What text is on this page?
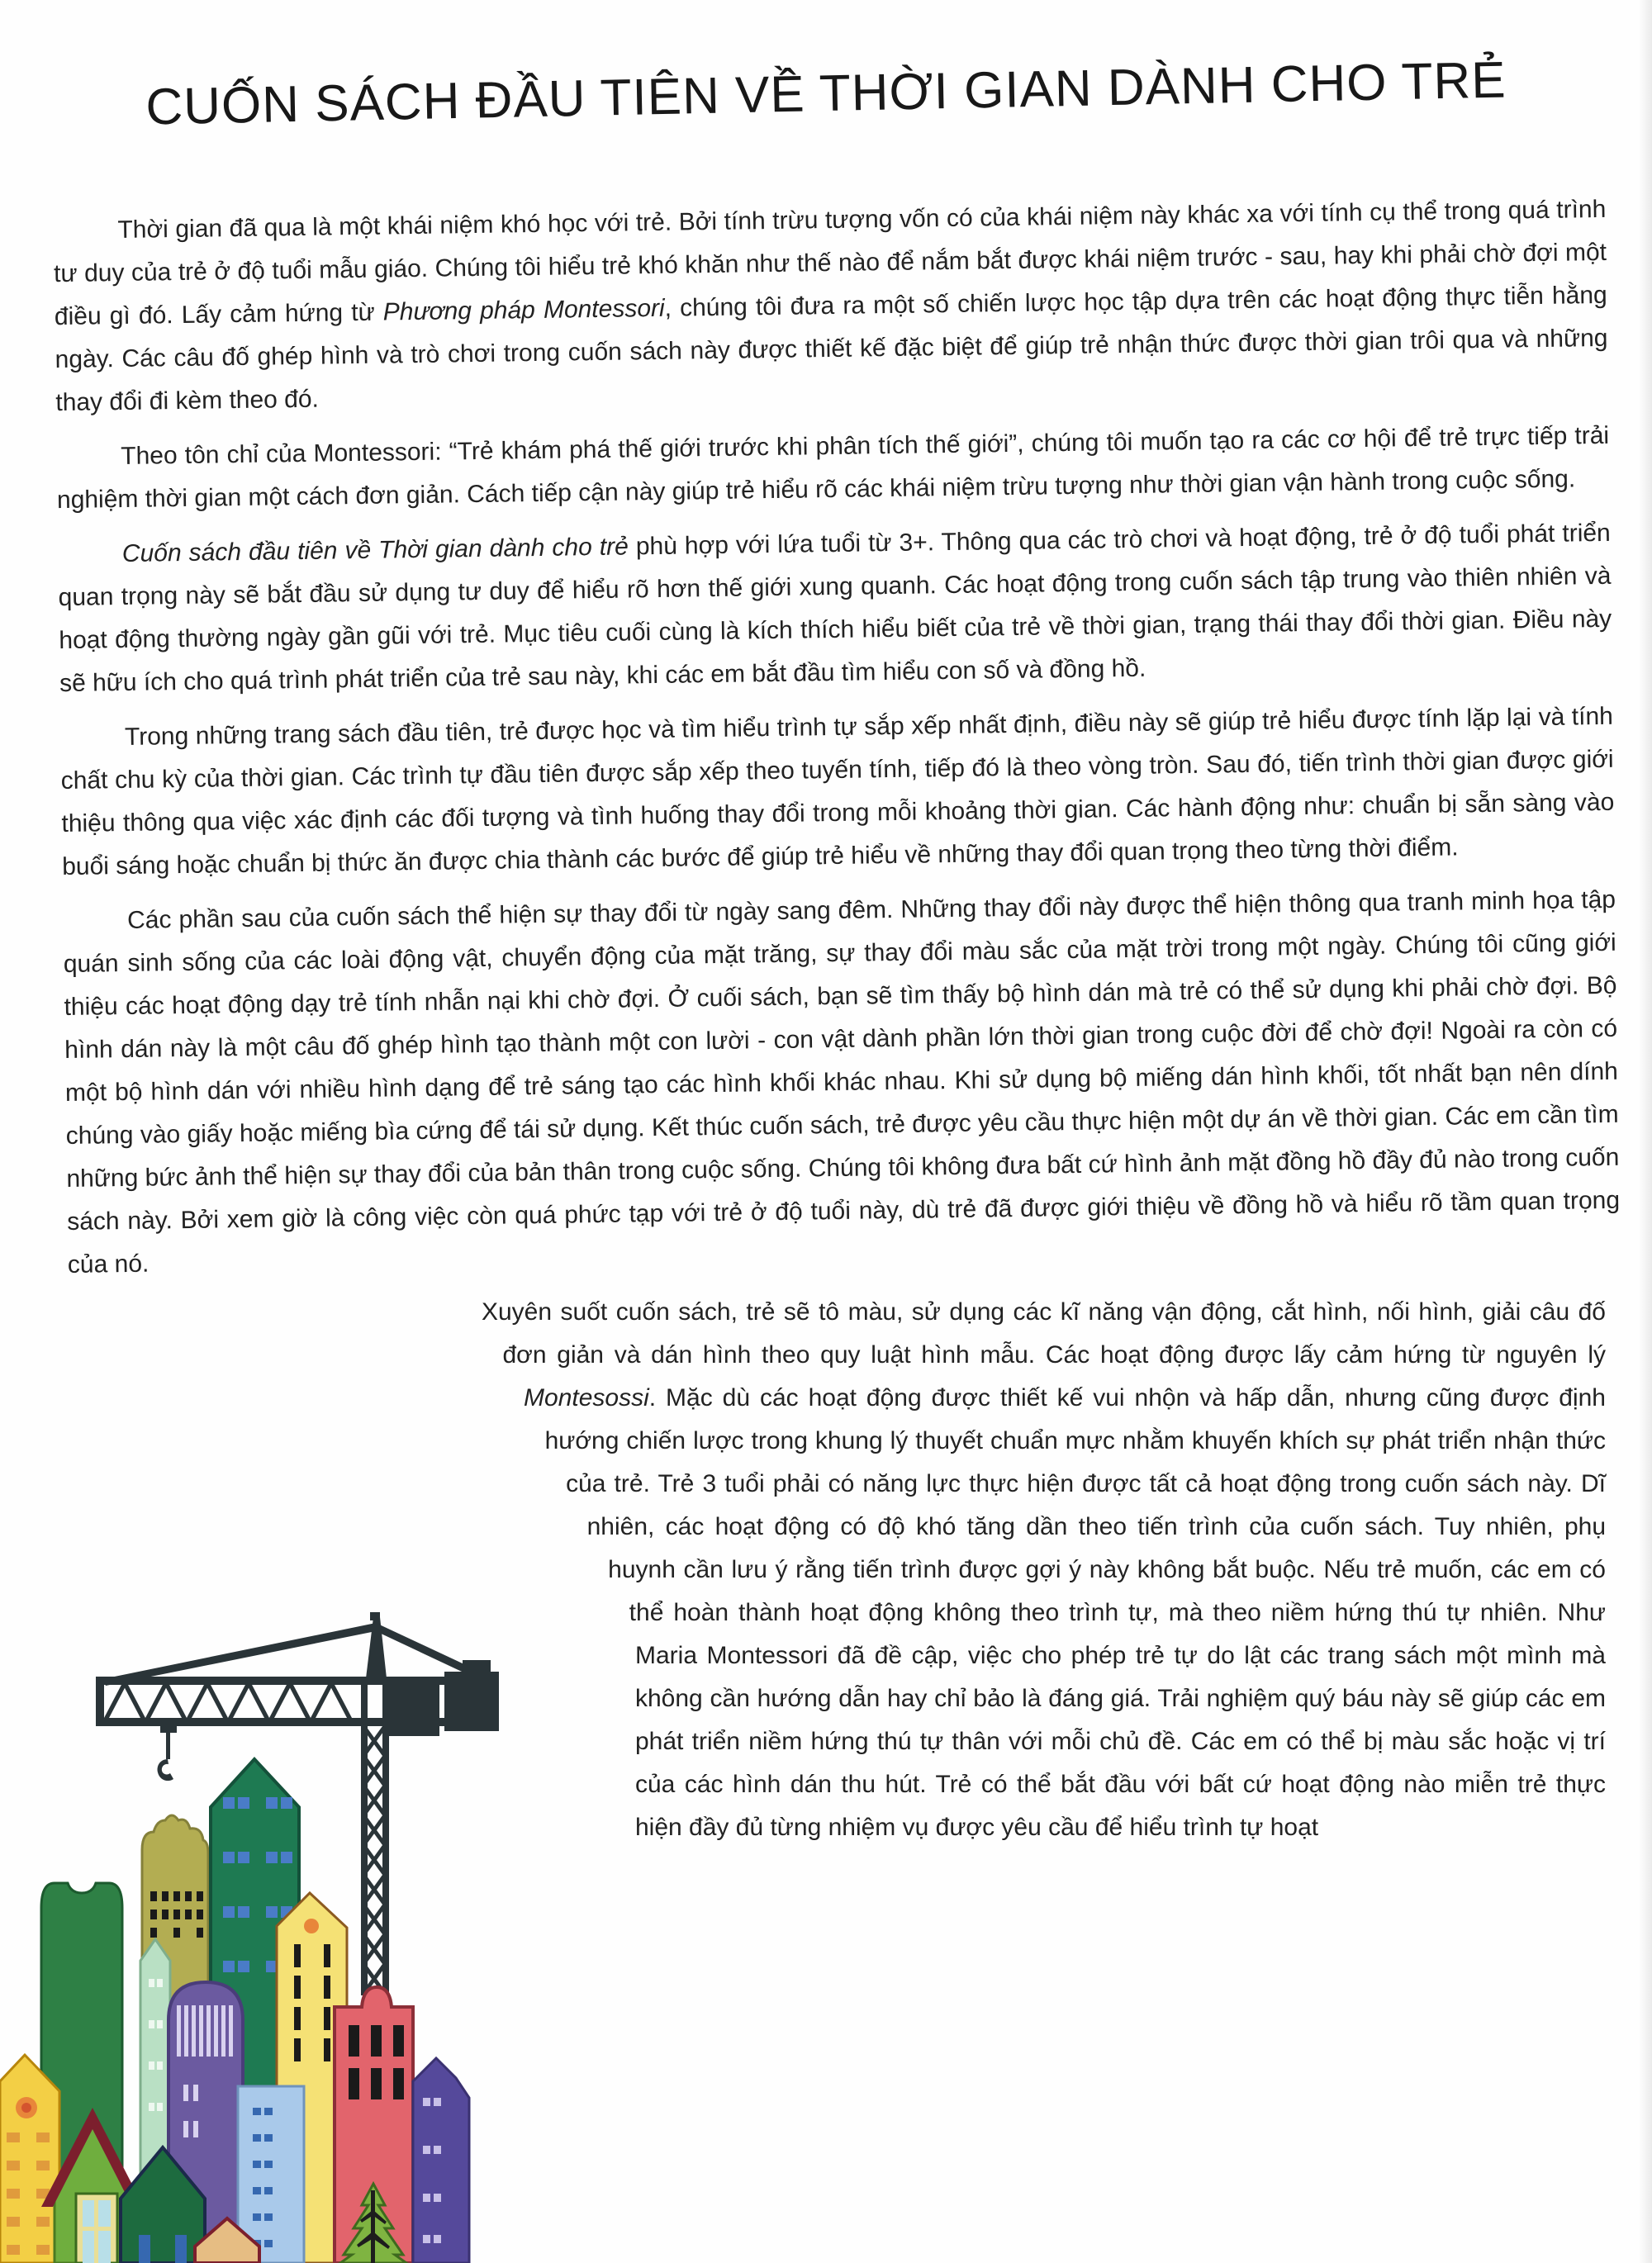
CUỐN SÁCH ĐẦU TIÊN VỀ THỜI GIAN DÀNH CHO TRẺ

Thời gian đã qua là một khái niệm khó học với trẻ. Bởi tính trừu tượng vốn có của khái niệm này khác xa với tính cụ thể trong quá trình tư duy của trẻ ở độ tuổi mẫu giáo. Chúng tôi hiểu trẻ khó khăn như thế nào để nắm bắt được khái niệm trước - sau, hay khi phải chờ đợi một điều gì đó. Lấy cảm hứng từ Phương pháp Montessori, chúng tôi đưa ra một số chiến lược học tập dựa trên các hoạt động thực tiễn hằng ngày. Các câu đố ghép hình và trò chơi trong cuốn sách này được thiết kế đặc biệt để giúp trẻ nhận thức được thời gian trôi qua và những thay đổi đi kèm theo đó.

Theo tôn chỉ của Montessori: “Trẻ khám phá thế giới trước khi phân tích thế giới”, chúng tôi muốn tạo ra các cơ hội để trẻ trực tiếp trải nghiệm thời gian một cách đơn giản. Cách tiếp cận này giúp trẻ hiểu rõ các khái niệm trừu tượng như thời gian vận hành trong cuộc sống.

Cuốn sách đầu tiên về Thời gian dành cho trẻ phù hợp với lứa tuổi từ 3+. Thông qua các trò chơi và hoạt động, trẻ ở độ tuổi phát triển quan trọng này sẽ bắt đầu sử dụng tư duy để hiểu rõ hơn thế giới xung quanh. Các hoạt động trong cuốn sách tập trung vào thiên nhiên và hoạt động thường ngày gần gũi với trẻ. Mục tiêu cuối cùng là kích thích hiểu biết của trẻ về thời gian, trạng thái thay đổi thời gian. Điều này sẽ hữu ích cho quá trình phát triển của trẻ sau này, khi các em bắt đầu tìm hiểu con số và đồng hồ.

Trong những trang sách đầu tiên, trẻ được học và tìm hiểu trình tự sắp xếp nhất định, điều này sẽ giúp trẻ hiểu được tính lặp lại và tính chất chu kỳ của thời gian. Các trình tự đầu tiên được sắp xếp theo tuyến tính, tiếp đó là theo vòng tròn. Sau đó, tiến trình thời gian được giới thiệu thông qua việc xác định các đối tượng và tình huống thay đổi trong mỗi khoảng thời gian. Các hành động như: chuẩn bị sẵn sàng vào buổi sáng hoặc chuẩn bị thức ăn được chia thành các bước để giúp trẻ hiểu về những thay đổi quan trọng theo từng thời điểm.

Các phần sau của cuốn sách thể hiện sự thay đổi từ ngày sang đêm. Những thay đổi này được thể hiện thông qua tranh minh họa tập quán sinh sống của các loài động vật, chuyển động của mặt trăng, sự thay đổi màu sắc của mặt trời trong một ngày. Chúng tôi cũng giới thiệu các hoạt động dạy trẻ tính nhẫn nại khi chờ đợi. Ở cuối sách, bạn sẽ tìm thấy bộ hình dán mà trẻ có thể sử dụng khi phải chờ đợi. Bộ hình dán này là một câu đố ghép hình tạo thành một con lười - con vật dành phần lớn thời gian trong cuộc đời để chờ đợi! Ngoài ra còn có một bộ hình dán với nhiều hình dạng để trẻ sáng tạo các hình khối khác nhau. Khi sử dụng bộ miếng dán hình khối, tốt nhất bạn nên dính chúng vào giấy hoặc miếng bìa cứng để tái sử dụng. Kết thúc cuốn sách, trẻ được yêu cầu thực hiện một dự án về thời gian. Các em cần tìm những bức ảnh thể hiện sự thay đổi của bản thân trong cuộc sống. Chúng tôi không đưa bất cứ hình ảnh mặt đồng hồ đầy đủ nào trong cuốn sách này. Bởi xem giờ là công việc còn quá phức tạp với trẻ ở độ tuổi này, dù trẻ đã được giới thiệu về đồng hồ và hiểu rõ tầm quan trọng của nó.

Xuyên suốt cuốn sách, trẻ sẽ tô màu, sử dụng các kĩ năng vận động, cắt hình, nối hình, giải câu đố đơn giản và dán hình theo quy luật hình mẫu. Các hoạt động được lấy cảm hứng từ nguyên lý Montesossi. Mặc dù các hoạt động được thiết kế vui nhộn và hấp dẫn, nhưng cũng được định hướng chiến lược trong khung lý thuyết chuẩn mực nhằm khuyến khích sự phát triển nhận thức của trẻ. Trẻ 3 tuổi phải có năng lực thực hiện được tất cả hoạt động trong cuốn sách này. Dĩ nhiên, các hoạt động có độ khó tăng dần theo tiến trình của cuốn sách. Tuy nhiên, phụ huynh cần lưu ý rằng tiến trình được gợi ý này không bắt buộc. Nếu trẻ muốn, các em có thể hoàn thành hoạt động không theo trình tự, mà theo niềm hứng thú tự nhiên. Như Maria Montessori đã đề cập, việc cho phép trẻ tự do lật các trang sách một mình mà không cần hướng dẫn hay chỉ bảo là đáng giá. Trải nghiệm quý báu này sẽ giúp các em phát triển niềm hứng thú tự thân với mỗi chủ đề. Các em có thể bị màu sắc hoặc vị trí của các hình dán thu hút. Trẻ có thể bắt đầu với bất cứ hoạt động nào miễn trẻ thực hiện đầy đủ từng nhiệm vụ được yêu cầu để hiểu trình tự hoạt
